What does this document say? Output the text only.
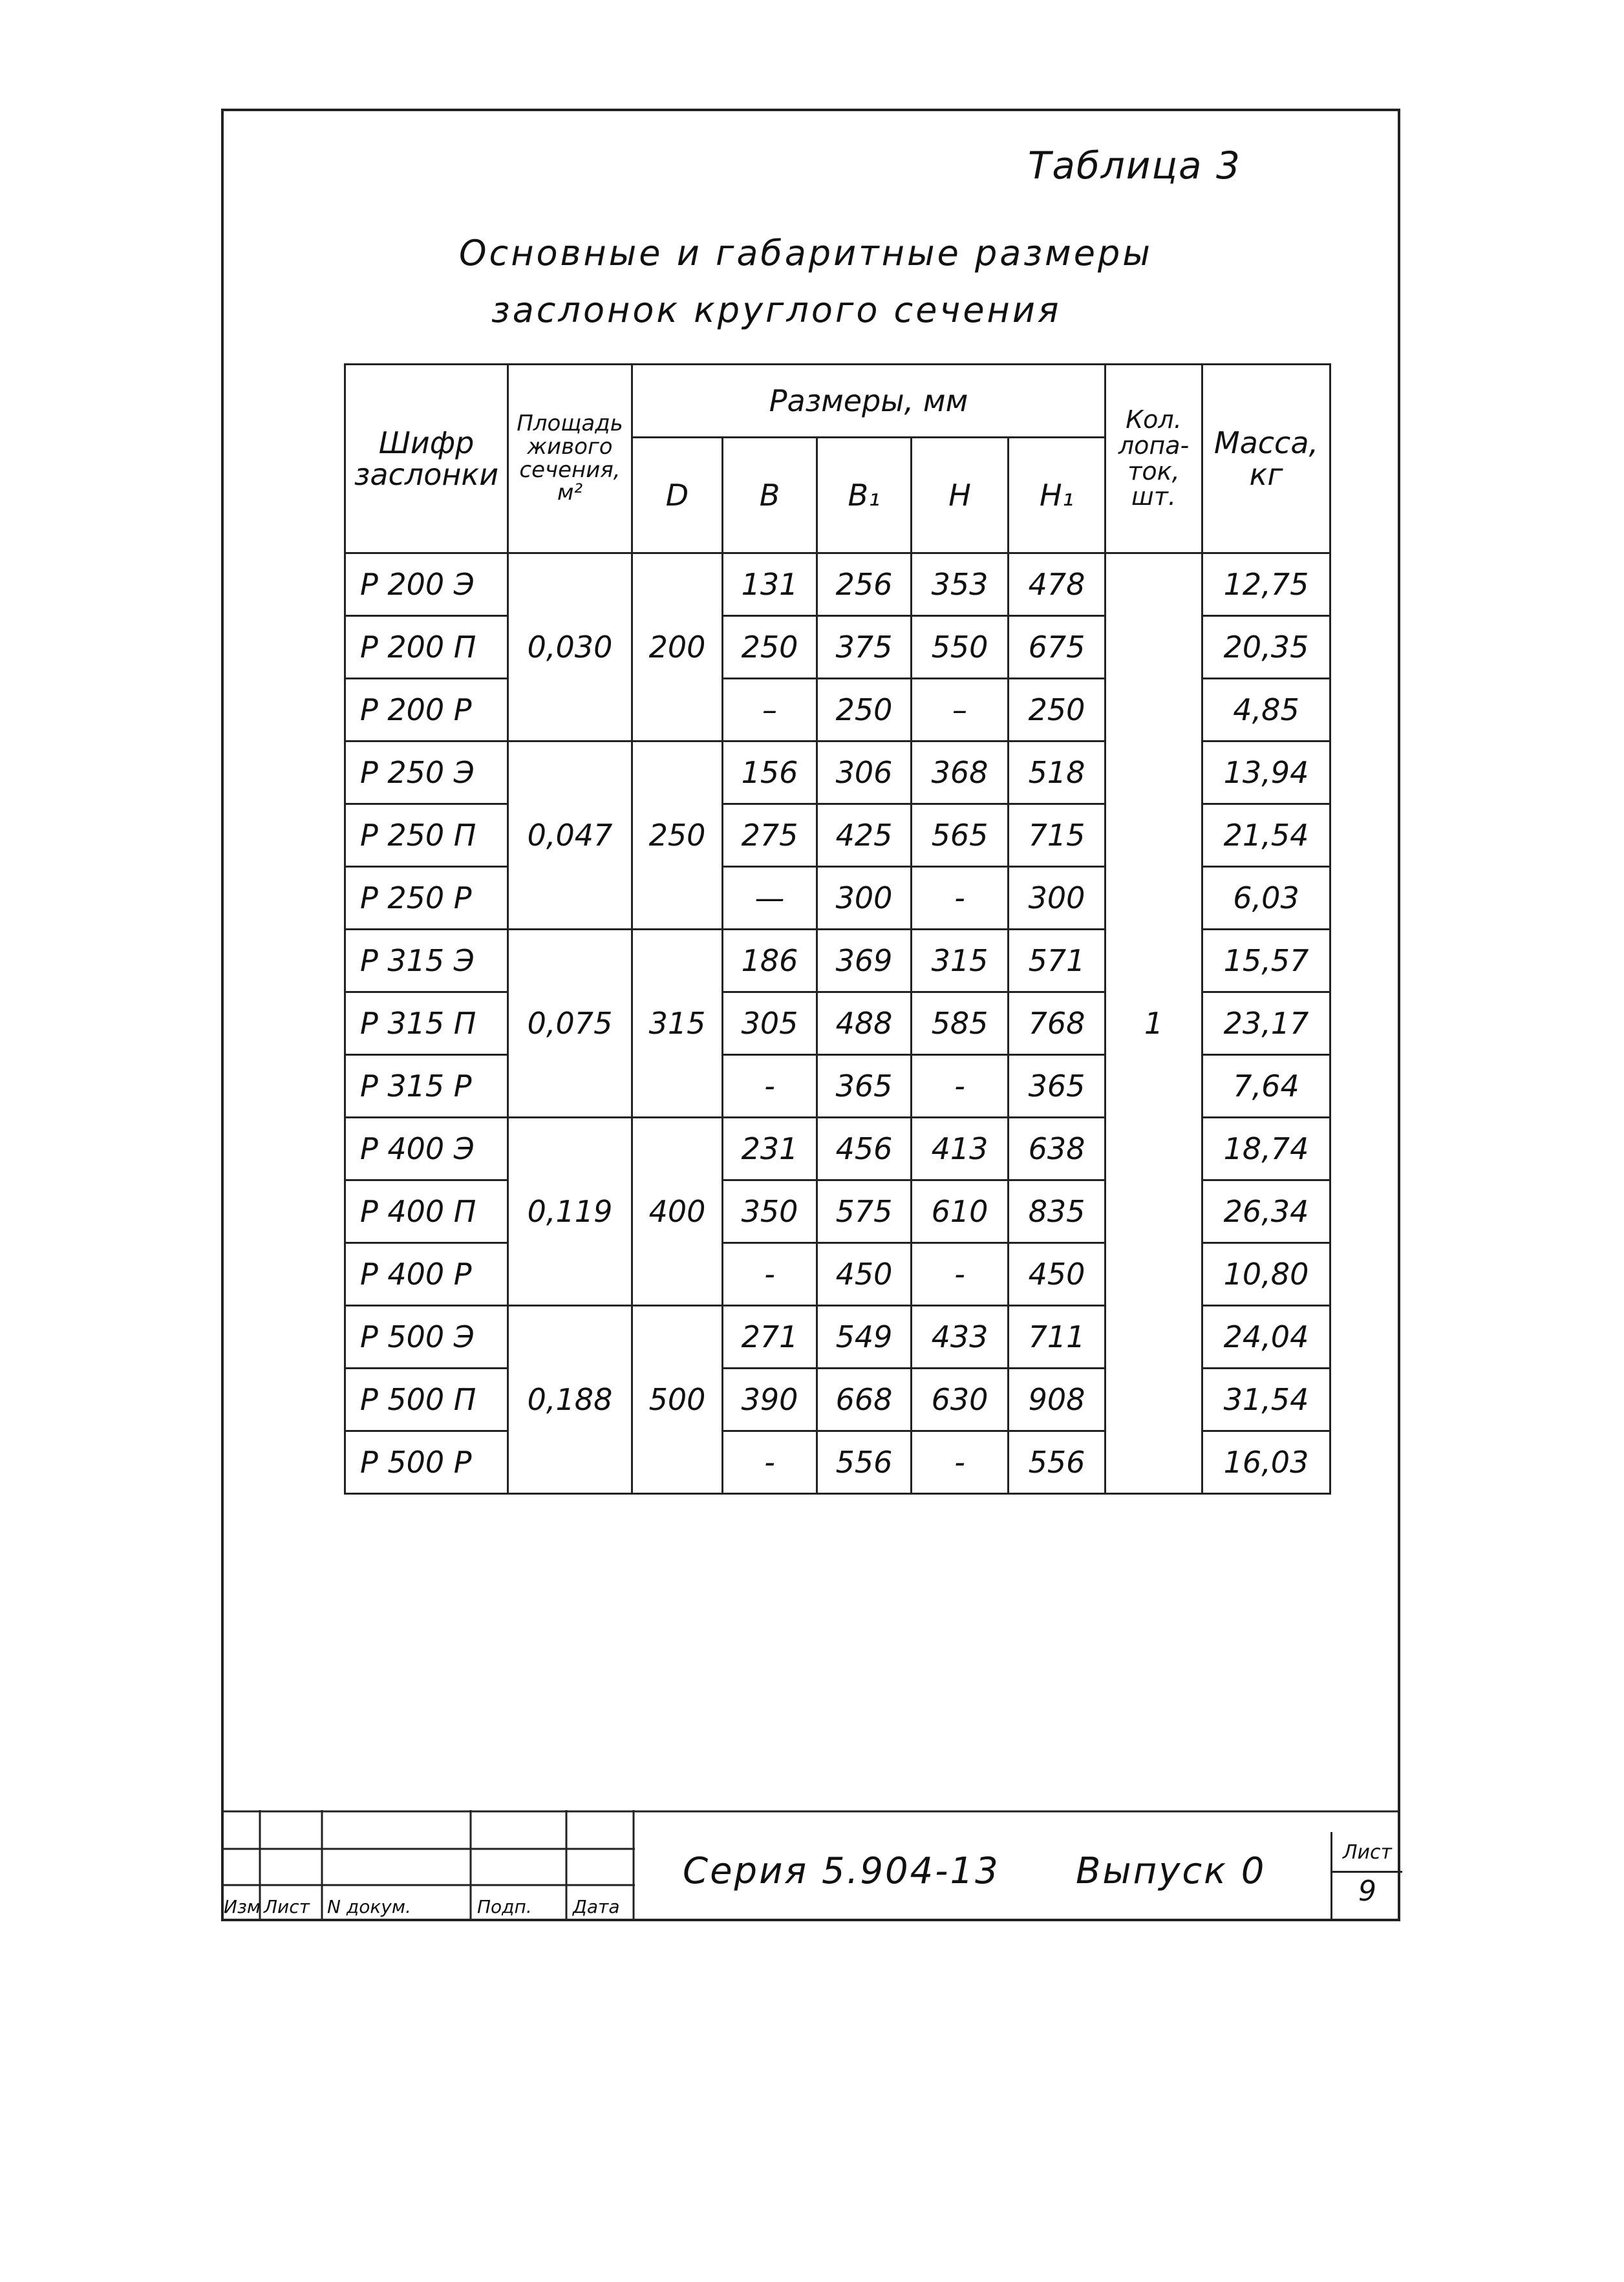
Таблица 3
Основные и габаритные размеры
заслонок круглого сечения
Шифр заслонки	Площадь живого сечения, м²	Размеры, мм					Кол. лопа- ток, шт.	Масса, кг
		D	B	B₁	H	H₁		
Р 200 Э	0,030	200	131	256	353	478	1	12,75
Р 200 П			250	375	550	675		20,35
Р 200 Р			–	250	–	250		4,85
Р 250 Э	0,047	250	156	306	368	518		13,94
Р 250 П			275	425	565	715		21,54
Р 250 Р			—	300	-	300		6,03
Р 315 Э	0,075	315	186	369	315	571		15,57
Р 315 П			305	488	585	768		23,17
Р 315 Р			-	365	-	365		7,64
Р 400 Э	0,119	400	231	456	413	638		18,74
Р 400 П			350	575	610	835		26,34
Р 400 Р			-	450	-	450		10,80
Р 500 Э	0,188	500	271	549	433	711		24,04
Р 500 П			390	668	630	908		31,54
Р 500 Р			-	556	-	556		16,03
Изм Лист N докум.	Подп. Дата
Серия 5.904-13 Выпуск 0	Лист
9
